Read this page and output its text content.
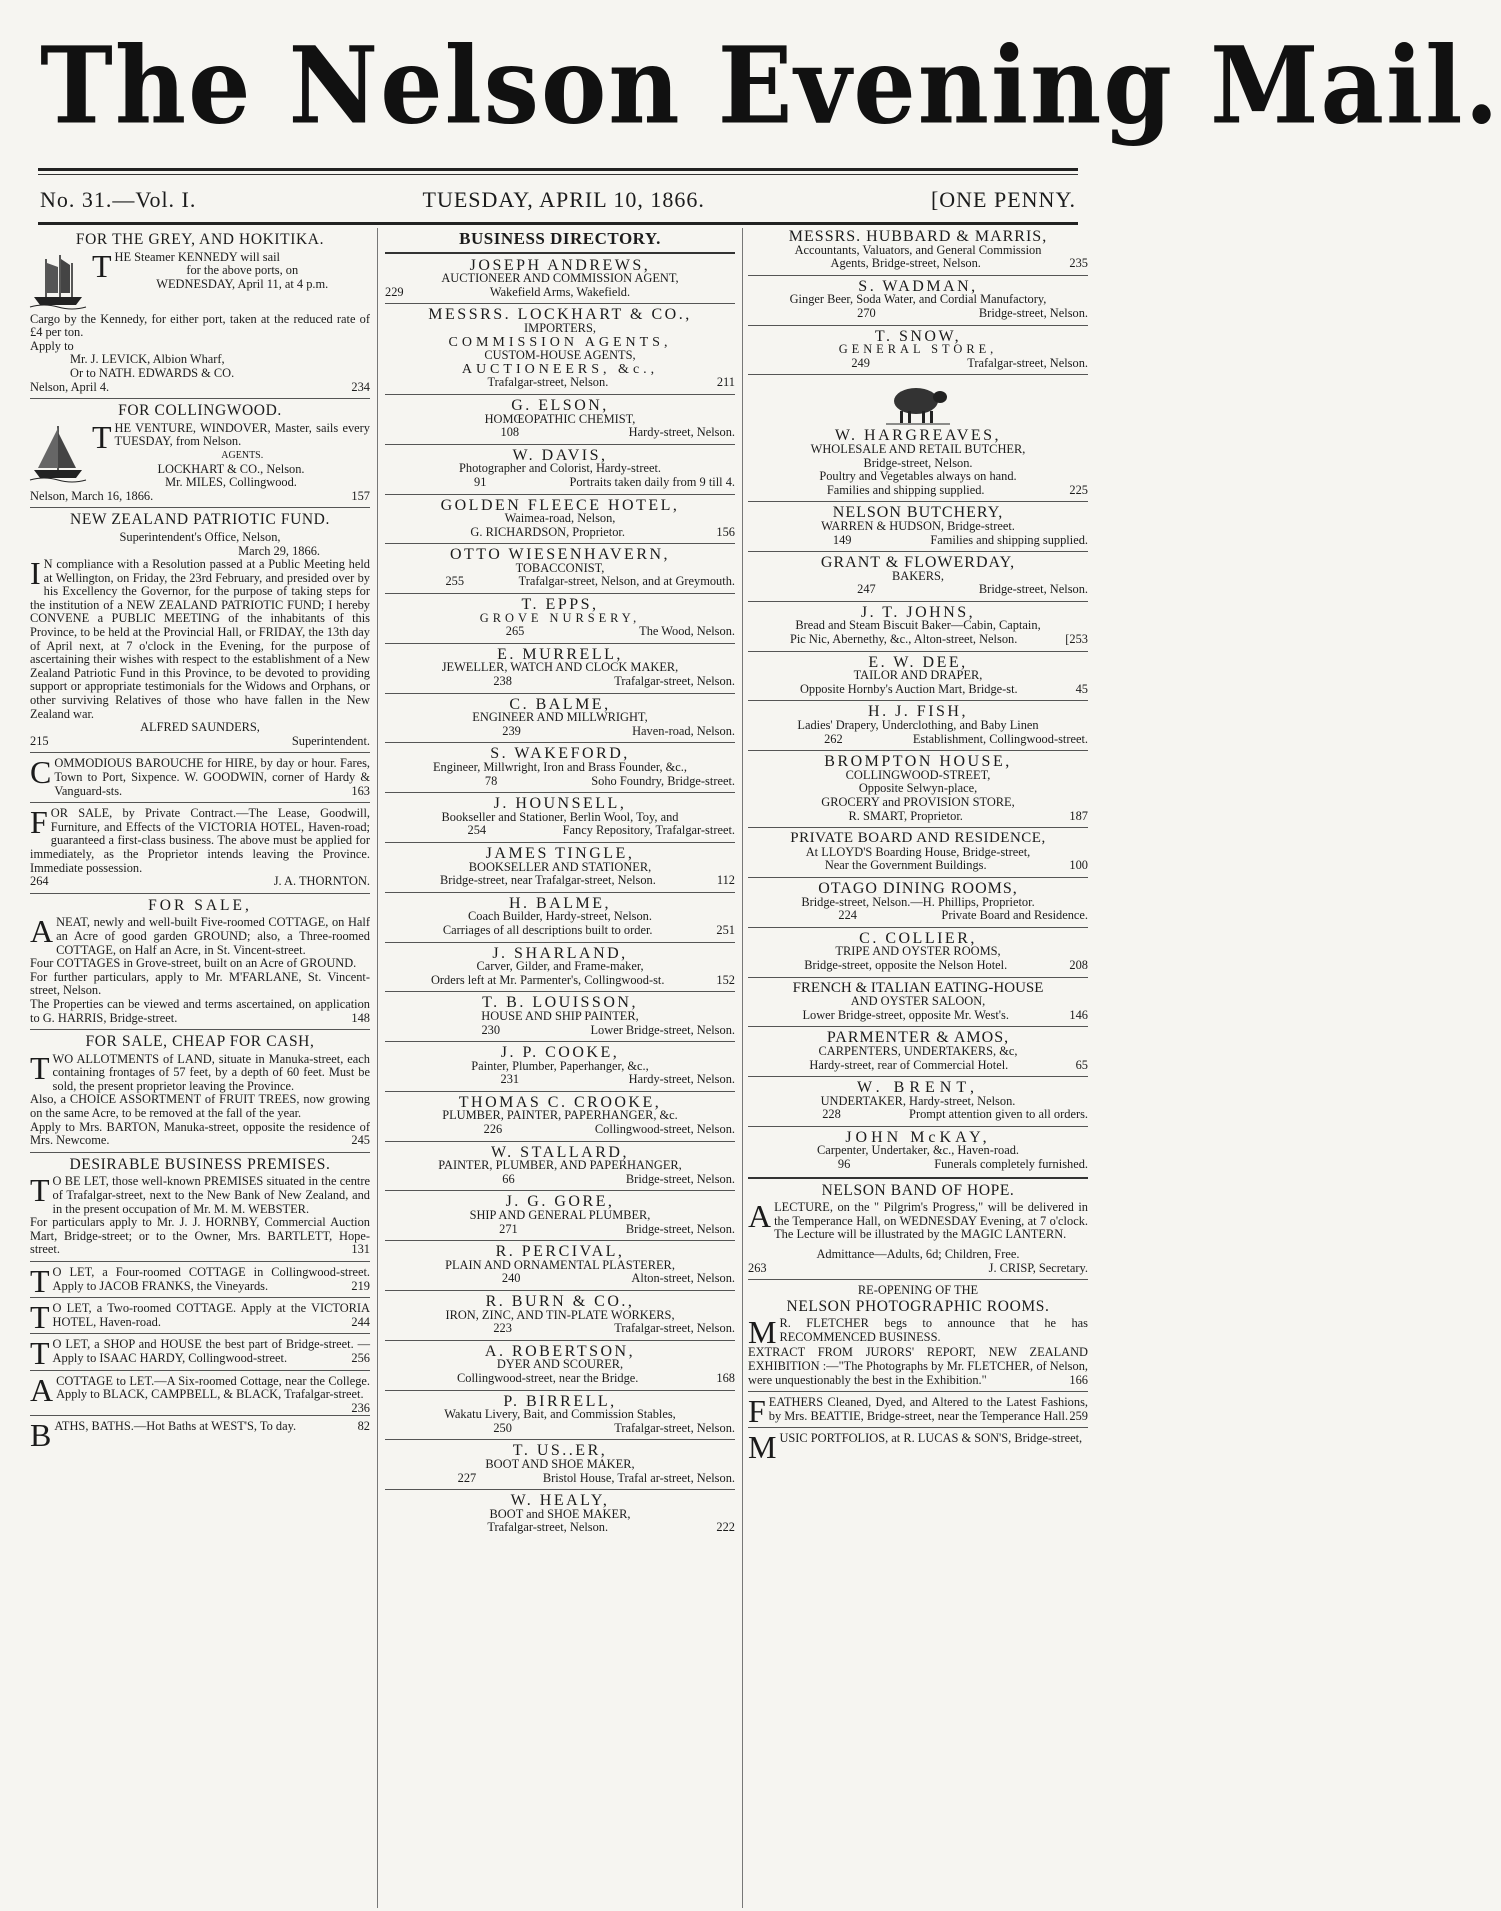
The Nelson Evening Mail.
No. 31.—Vol. I.	TUESDAY, APRIL 10, 1866.	[ONE PENNY.
FOR THE GREY, AND HOKITIKA.
THE Steamer KENNEDY will sail
for the above ports, on
WEDNESDAY, April 11, at 4 p.m.
Cargo by the Kennedy, for either port, taken at the reduced rate of £4 per ton.
Apply to
Mr. J. LEVICK, Albion Wharf,
Or to NATH. EDWARDS & CO.
Nelson, April 4.	234
FOR COLLINGWOOD.
THE VENTURE, WINDOVER, Master, sails every TUESDAY, from Nelson.
AGENTS.
LOCKHART & CO., Nelson.
Mr. MILES, Collingwood.
Nelson, March 16, 1866.	157
NEW ZEALAND PATRIOTIC FUND.
Superintendent's Office, Nelson,
March 29, 1866.
I N compliance with a Resolution passed at a Public Meeting held at Wellington, on Friday, the 23rd February, and presided over by his Excellency the Governor, for the purpose of taking steps for the institution of a NEW ZEALAND PATRIOTIC FUND; I hereby CONVENE a PUBLIC MEETING of the inhabitants of this Province, to be held at the Provincial Hall, or FRIDAY, the 13th day of April next, at 7 o'clock in the Evening, for the purpose of ascertaining their wishes with respect to the establishment of a New Zealand Patriotic Fund in this Province, to be devoted to providing support or appropriate testimonials for the Widows and Orphans, or other surviving Relatives of those who have fallen in the New Zealand war.
ALFRED SAUNDERS,
215	Superintendent.
COMMODIOUS BAROUCHE for HIRE, by day or hour. Fares, Town to Port, Sixpence. W. GOODWIN, corner of Hardy & Vanguard-sts.	163
FOR SALE, by Private Contract.—The Lease, Goodwill, Furniture, and Effects of the VICTORIA HOTEL, Haven-road; guaranteed a first-class business. The above must be applied for immediately, as the Proprietor intends leaving the Province. Immediate possession.
264	J. A. THORNTON.
FOR SALE,
ANEAT, newly and well-built Five-roomed COTTAGE, on Half an Acre of good garden GROUND; also, a Three-roomed COTTAGE, on Half an Acre, in St. Vincent-street.
Four COTTAGES in Grove-street, built on an Acre of GROUND.
For further particulars, apply to Mr. M'FARLANE, St. Vincent-street, Nelson.
The Properties can be viewed and terms ascertained, on application to G. HARRIS, Bridge-street.	148
FOR SALE, CHEAP FOR CASH,
TWO ALLOTMENTS of LAND, situate in Manuka-street, each containing frontages of 57 feet, by a depth of 60 feet. Must be sold, the present proprietor leaving the Province.
Also, a CHOICE ASSORTMENT of FRUIT TREES, now growing on the same Acre, to be removed at the fall of the year.
Apply to Mrs. BARTON, Manuka-street, opposite the residence of Mrs. Newcome.	245
DESIRABLE BUSINESS PREMISES.
T O BE LET, those well-known PREMISES situated in the centre of Trafalgar-street, next to the New Bank of New Zealand, and in the present occupation of Mr. M. M. WEBSTER.
For particulars apply to Mr. J. J. HORNBY, Commercial Auction Mart, Bridge-street; or to the Owner, Mrs. BARTLETT, Hope-street.	131
T O LET, a Four-roomed COTTAGE in Collingwood-street. Apply to JACOB FRANKS, the Vineyards.	219
T O LET, a Two-roomed COTTAGE. Apply at the VICTORIA HOTEL, Haven-road.	244
T O LET, a SHOP and HOUSE the best part of Bridge-street. — Apply to ISAAC HARDY, Collingwood-street.	256
ACOTTAGE to LET.—A Six-roomed Cottage, near the College. Apply to BLACK, CAMPBELL, & BLACK, Trafalgar-street.
236
BATHS, BATHS.—Hot Baths at WEST'S, To day.	82
BUSINESS DIRECTORY.
JOSEPH ANDREWS,
AUCTIONEER AND COMMISSION AGENT,
Wakefield Arms, Wakefield.
229
MESSRS. LOCKHART & CO.,
IMPORTERS,
COMMISSION AGENTS,
CUSTOM-HOUSE AGENTS,
AUCTIONEERS, &c.,
Trafalgar-street, Nelson.	211
G. ELSON,
HOMŒOPATHIC CHEMIST,
108	Hardy-street, Nelson.
W. DAVIS,
Photographer and Colorist, Hardy-street.
91	Portraits taken daily from 9 till 4.
GOLDEN FLEECE HOTEL,
Waimea-road, Nelson,
G. RICHARDSON, Proprietor.	156
OTTO WIESENHAVERN,
TOBACCONIST,
255	Trafalgar-street, Nelson, and at Greymouth.
T. EPPS,
GROVE NURSERY,
265	The Wood, Nelson.
E. MURRELL,
JEWELLER, WATCH AND CLOCK MAKER,
238	Trafalgar-street, Nelson.
C. BALME,
ENGINEER AND MILLWRIGHT,
239	Haven-road, Nelson.
S. WAKEFORD,
Engineer, Millwright, Iron and Brass Founder, &c.,
78	Soho Foundry, Bridge-street.
J. HOUNSELL,
Bookseller and Stationer, Berlin Wool, Toy, and
254	Fancy Repository, Trafalgar-street.
JAMES TINGLE,
BOOKSELLER AND STATIONER,
Bridge-street, near Trafalgar-street, Nelson.	112
H. BALME,
Coach Builder, Hardy-street, Nelson.
Carriages of all descriptions built to order.	251
J. SHARLAND,
Carver, Gilder, and Frame-maker,
Orders left at Mr. Parmenter's, Collingwood-st.	152
T. B. LOUISSON,
HOUSE AND SHIP PAINTER,
230	Lower Bridge-street, Nelson.
J. P. COOKE,
Painter, Plumber, Paperhanger, &c.,
231	Hardy-street, Nelson.
THOMAS C. CROOKE,
PLUMBER, PAINTER, PAPERHANGER, &c.
226	Collingwood-street, Nelson.
W. STALLARD,
PAINTER, PLUMBER, AND PAPERHANGER,
66	Bridge-street, Nelson.
J. G. GORE,
SHIP AND GENERAL PLUMBER,
271	Bridge-street, Nelson.
R. PERCIVAL,
PLAIN AND ORNAMENTAL PLASTERER,
240	Alton-street, Nelson.
R. BURN & CO.,
IRON, ZINC, AND TIN-PLATE WORKERS,
223	Trafalgar-street, Nelson.
A. ROBERTSON,
DYER AND SCOURER,
Collingwood-street, near the Bridge.	168
P. BIRRELL,
Wakatu Livery, Bait, and Commission Stables,
250	Trafalgar-street, Nelson.
T. US..ER,
BOOT AND SHOE MAKER,
227	Bristol House, Trafal ar-street, Nelson.
W. HEALY,
BOOT and SHOE MAKER,
Trafalgar-street, Nelson.	222
MESSRS. HUBBARD & MARRIS,
Accountants, Valuators, and General Commission
Agents, Bridge-street, Nelson.	235
S. WADMAN,
Ginger Beer, Soda Water, and Cordial Manufactory,
270	Bridge-street, Nelson.
T. SNOW,
GENERAL STORE,
249	Trafalgar-street, Nelson.
W. HARGREAVES,
WHOLESALE AND RETAIL BUTCHER,
Bridge-street, Nelson.
Poultry and Vegetables always on hand.
Families and shipping supplied.	225
NELSON BUTCHERY,
WARREN & HUDSON, Bridge-street.
149	Families and shipping supplied.
GRANT & FLOWERDAY,
BAKERS,
247	Bridge-street, Nelson.
J. T. JOHNS,
Bread and Steam Biscuit Baker—Cabin, Captain,
Pic Nic, Abernethy, &c., Alton-street, Nelson.	[253
E. W. DEE,
TAILOR AND DRAPER,
Opposite Hornby's Auction Mart, Bridge-st.	45
H. J. FISH,
Ladies' Drapery, Underclothing, and Baby Linen
262	Establishment, Collingwood-street.
BROMPTON HOUSE,
COLLINGWOOD-STREET,
Opposite Selwyn-place,
GROCERY and PROVISION STORE,
R. SMART, Proprietor.	187
PRIVATE BOARD AND RESIDENCE,
At LLOYD'S Boarding House, Bridge-street,
Near the Government Buildings.	100
OTAGO DINING ROOMS,
Bridge-street, Nelson.—H. Phillips, Proprietor.
224	Private Board and Residence.
C. COLLIER,
TRIPE AND OYSTER ROOMS,
Bridge-street, opposite the Nelson Hotel.	208
FRENCH & ITALIAN EATING-HOUSE
AND OYSTER SALOON,
Lower Bridge-street, opposite Mr. West's.	146
PARMENTER & AMOS,
CARPENTERS, UNDERTAKERS, &c,
Hardy-street, rear of Commercial Hotel.	65
W. BRENT,
UNDERTAKER, Hardy-street, Nelson.
228	Prompt attention given to all orders.
JOHN McKAY,
Carpenter, Undertaker, &c., Haven-road.
96	Funerals completely furnished.
NELSON BAND OF HOPE.
ALECTURE, on the " Pilgrim's Progress," will be delivered in the Temperance Hall, on WEDNESDAY Evening, at 7 o'clock. The Lecture will be illustrated by the MAGIC LANTERN.
Admittance—Adults, 6d; Children, Free.
263	J. CRISP, Secretary.
RE-OPENING OF THE
NELSON PHOTOGRAPHIC ROOMS.
M R. FLETCHER begs to announce that he has RECOMMENCED BUSINESS.
EXTRACT FROM JURORS' REPORT, NEW ZEALAND EXHIBITION :—"The Photographs by Mr. FLETCHER, of Nelson, were unquestionably the best in the Exhibition."	166
FEATHERS Cleaned, Dyed, and Altered to the Latest Fashions, by Mrs. BEATTIE, Bridge-street, near the Temperance Hall. 259
MUSIC PORTFOLIOS, at R. LUCAS & SON'S, Bridge-street,
